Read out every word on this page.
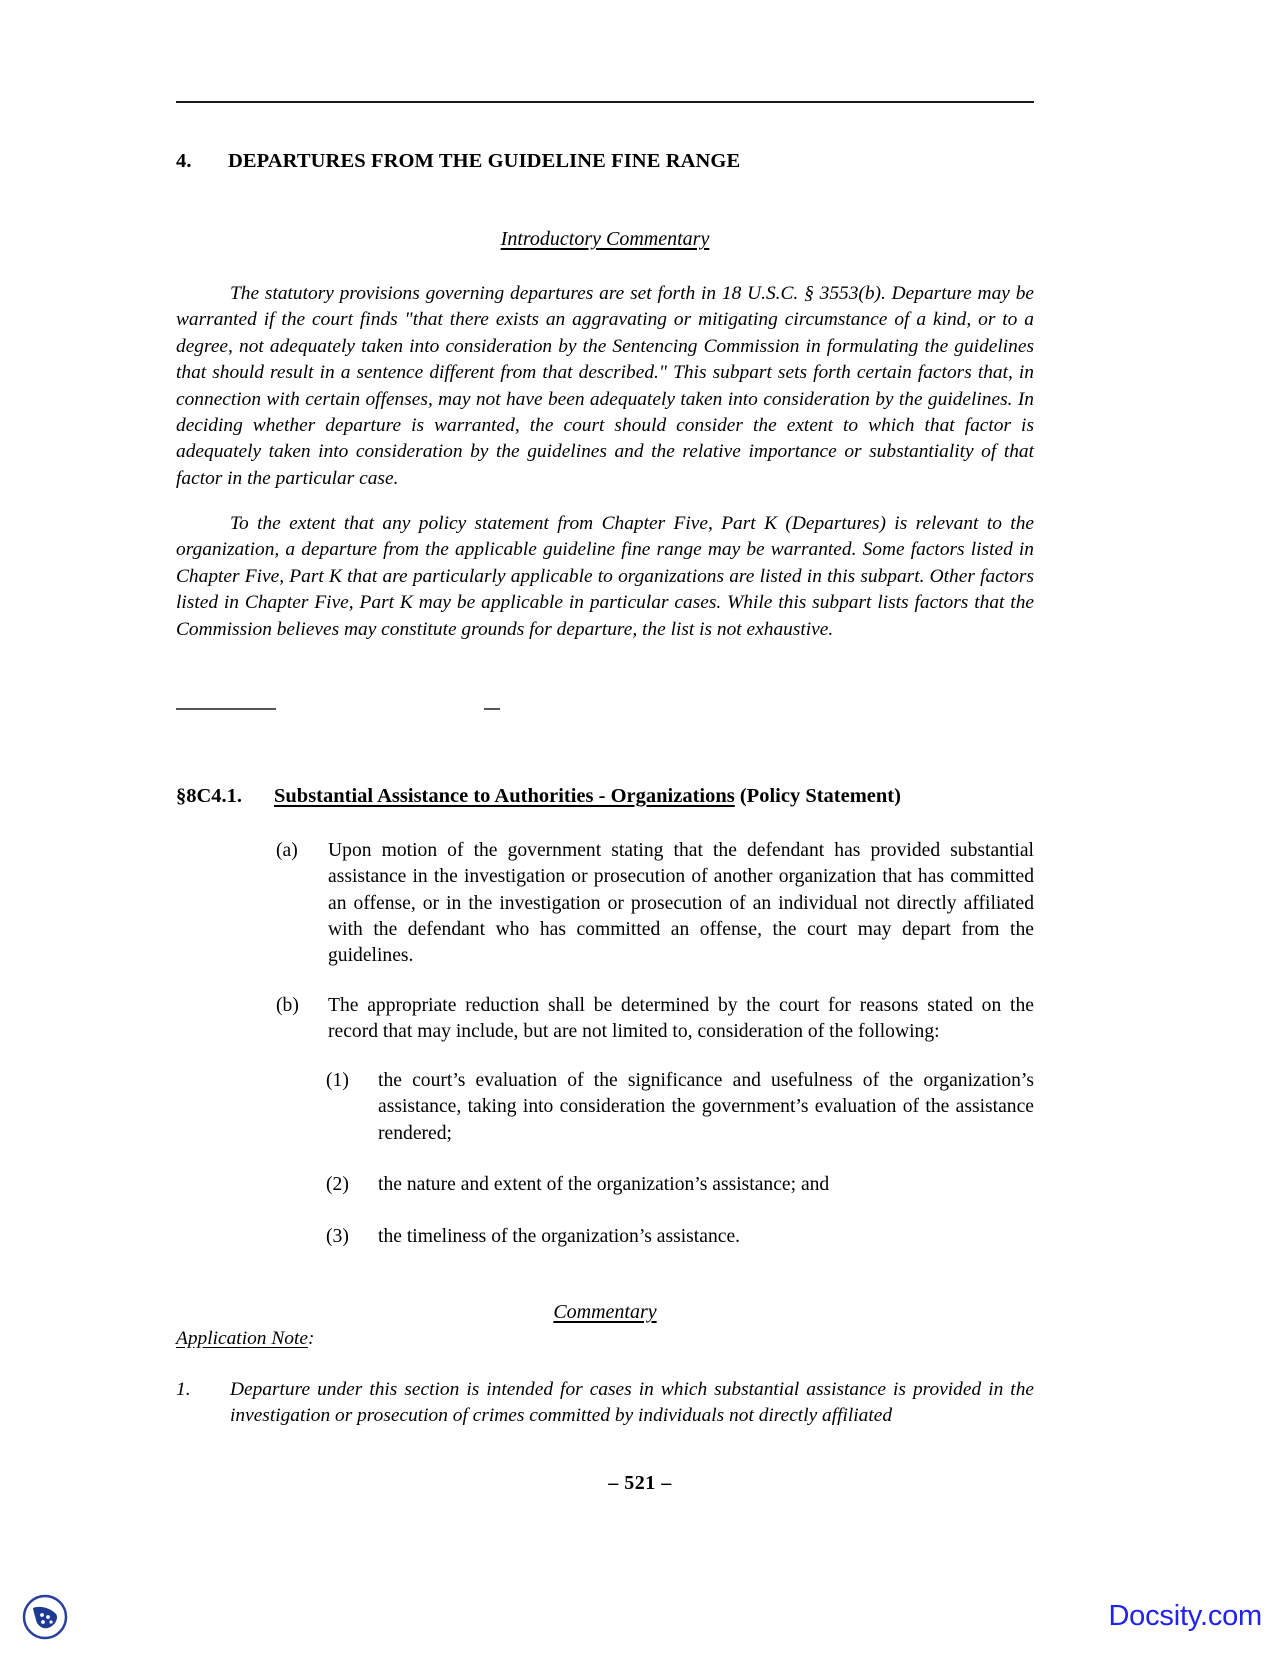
4. DEPARTURES FROM THE GUIDELINE FINE RANGE
Introductory Commentary
The statutory provisions governing departures are set forth in 18 U.S.C. § 3553(b). Departure may be warranted if the court finds "that there exists an aggravating or mitigating circumstance of a kind, or to a degree, not adequately taken into consideration by the Sentencing Commission in formulating the guidelines that should result in a sentence different from that described." This subpart sets forth certain factors that, in connection with certain offenses, may not have been adequately taken into consideration by the guidelines. In deciding whether departure is warranted, the court should consider the extent to which that factor is adequately taken into consideration by the guidelines and the relative importance or substantiality of that factor in the particular case.
To the extent that any policy statement from Chapter Five, Part K (Departures) is relevant to the organization, a departure from the applicable guideline fine range may be warranted. Some factors listed in Chapter Five, Part K that are particularly applicable to organizations are listed in this subpart. Other factors listed in Chapter Five, Part K may be applicable in particular cases. While this subpart lists factors that the Commission believes may constitute grounds for departure, the list is not exhaustive.
§8C4.1. Substantial Assistance to Authorities - Organizations (Policy Statement)
(a)	Upon motion of the government stating that the defendant has provided substantial assistance in the investigation or prosecution of another organization that has committed an offense, or in the investigation or prosecution of an individual not directly affiliated with the defendant who has committed an offense, the court may depart from the guidelines.
(b)	The appropriate reduction shall be determined by the court for reasons stated on the record that may include, but are not limited to, consideration of the following:
(1)	the court’s evaluation of the significance and usefulness of the organization’s assistance, taking into consideration the government’s evaluation of the assistance rendered;
(2)	the nature and extent of the organization’s assistance; and
(3)	the timeliness of the organization’s assistance.
Commentary
Application Note:
1.	Departure under this section is intended for cases in which substantial assistance is provided in the investigation or prosecution of crimes committed by individuals not directly affiliated
– 521 –
Docsity.com
